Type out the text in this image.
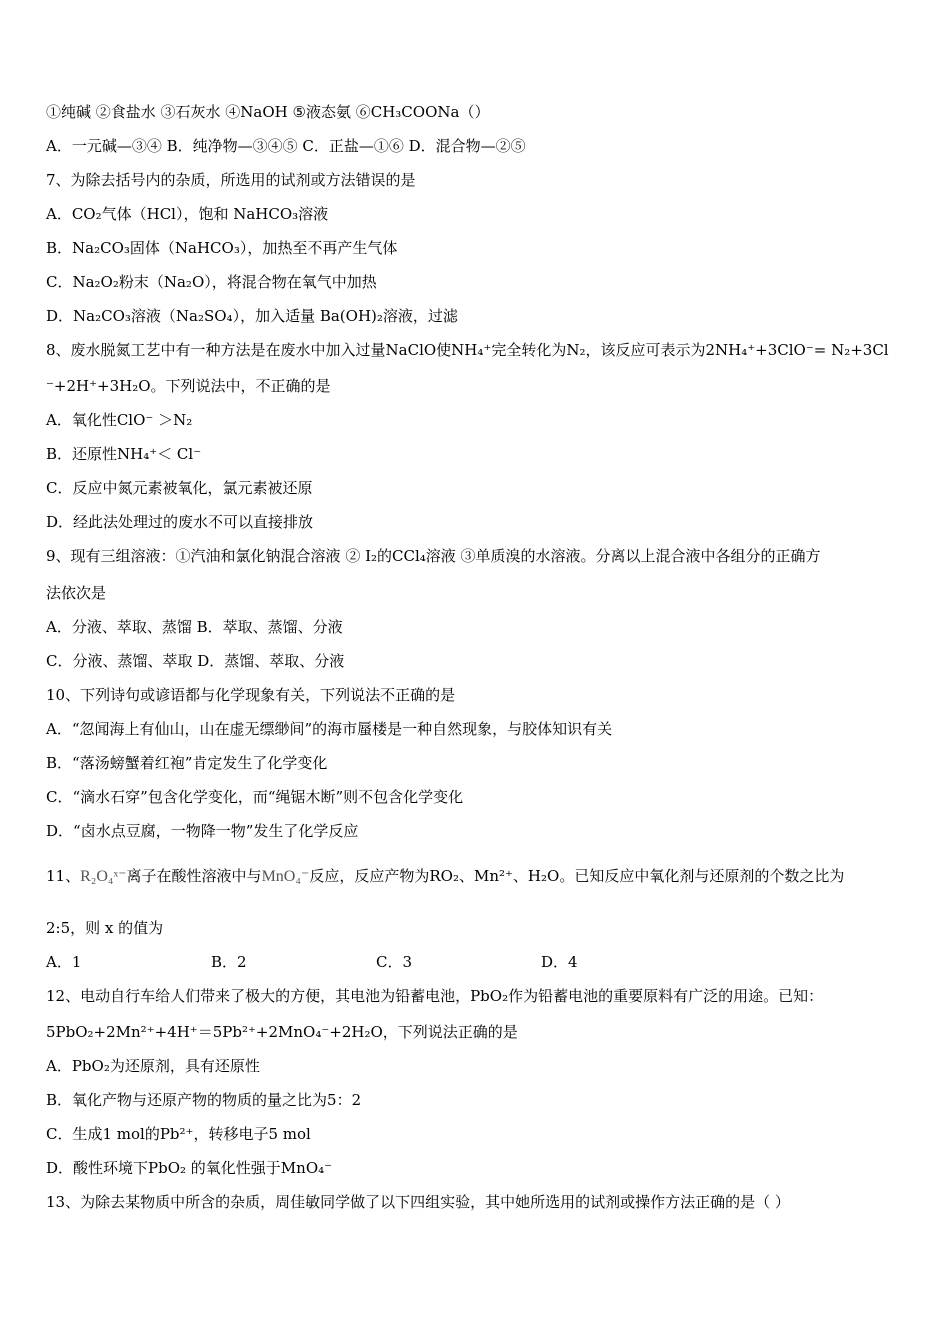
①纯碱 ②食盐水 ③石灰水 ④NaOH ⑤液态氨 ⑥CH₃COONa（）
A．一元碱—③④ B．纯净物—③④⑤ C．正盐—①⑥ D．混合物—②⑤
7、为除去括号内的杂质，所选用的试剂或方法错误的是
A．CO₂气体（HCl），饱和 NaHCO₃溶液
B．Na₂CO₃固体（NaHCO₃），加热至不再产生气体
C．Na₂O₂粉末（Na₂O），将混合物在氧气中加热
D．Na₂CO₃溶液（Na₂SO₄），加入适量 Ba(OH)₂溶液，过滤
8、废水脱氮工艺中有一种方法是在废水中加入过量NaClO使NH₄⁺完全转化为N₂，该反应可表示为2NH₄⁺+3ClO⁻= N₂+3Cl
⁻+2H⁺+3H₂O。下列说法中，不正确的是
A．氧化性ClO⁻ ＞N₂
B．还原性NH₄⁺＜ Cl⁻
C．反应中氮元素被氧化，氯元素被还原
D．经此法处理过的废水不可以直接排放
9、现有三组溶液：①汽油和氯化钠混合溶液 ② I₂的CCl₄溶液 ③单质溴的水溶液。分离以上混合液中各组分的正确方
法依次是
A．分液、萃取、蒸馏 B．萃取、蒸馏、分液
C．分液、蒸馏、萃取 D．蒸馏、萃取、分液
10、下列诗句或谚语都与化学现象有关，下列说法不正确的是
A．“忽闻海上有仙山，山在虚无缥缈间”的海市蜃楼是一种自然现象，与胶体知识有关
B．“落汤螃蟹着红袍”肯定发生了化学变化
C．“滴水石穿”包含化学变化，而“绳锯木断”则不包含化学变化
D．“卤水点豆腐，一物降一物”发生了化学反应
11、R₂O₄ˣ⁻离子在酸性溶液中与MnO₄⁻反应，反应产物为RO₂、Mn²⁺、H₂O。已知反应中氧化剂与还原剂的个数之比为
2:5，则 x 的值为
A．1	B．2	C．3	D．4
12、电动自行车给人们带来了极大的方便，其电池为铅蓄电池，PbO₂作为铅蓄电池的重要原料有广泛的用途。已知：
5PbO₂+2Mn²⁺+4H⁺＝5Pb²⁺+2MnO₄⁻+2H₂O，下列说法正确的是
A．PbO₂为还原剂，具有还原性
B．氧化产物与还原产物的物质的量之比为5：2
C．生成1 mol的Pb²⁺，转移电子5 mol
D．酸性环境下PbO₂ 的氧化性强于MnO₄⁻
13、为除去某物质中所含的杂质，周佳敏同学做了以下四组实验，其中她所选用的试剂或操作方法正确的是（ ）
